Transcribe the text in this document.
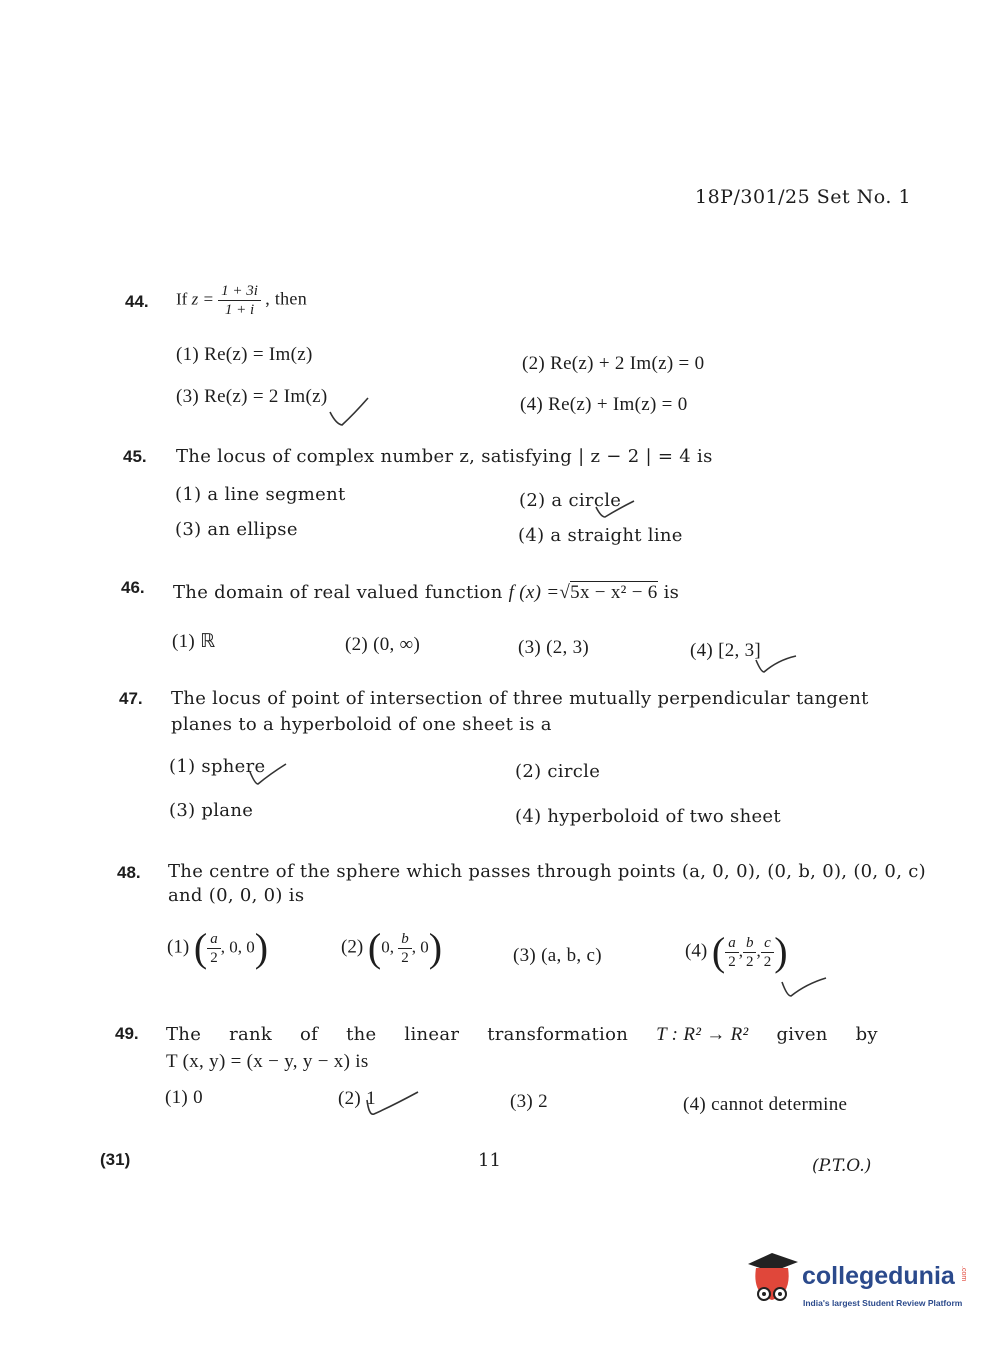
18P/301/25 Set No. 1
44. If $z = \frac{1 + 3i}{1 + i}$ , then
(1) Re(z) = Im(z)	(2) Re(z) + 2 Im(z) = 0
(3) Re(z) = 2 Im(z)	(4) Re(z) + Im(z) = 0
45. The locus of complex number z, satisfying | z − 2 | = 4 is
(1) a line segment	(2) a circle
(3) an ellipse	(4) a straight line
46. The domain of real valued function f (x) =√5x − x² − 6 is
(1) ℝ	(2) (0, ∞)	(3) (2, 3)	(4) [2, 3]
47. The locus of point of intersection of three mutually perpendicular tangent
planes to a hyperboloid of one sheet is a
(1) sphere	(2) circle
(3) plane	(4) hyperboloid of two sheet
48. The centre of the sphere which passes through points (a, 0, 0), (0, b, 0), (0, 0, c)
and (0, 0, 0) is
(1) ( $\frac{a}{2}$ , 0, 0)	(2) (0, $\frac{b}{2}$ , 0)	(3) (a, b, c)	(4) ( $\frac{a}{2}$ , $\frac{b}{2}$ , $\frac{c}{2}$ )
49. The rank of the linear transformation T : R² → R² given by
T (x, y) = (x − y, y − x) is
(1) 0	(2) 1	(3) 2	(4) cannot determine
(31)	11	(P.T.O.)
collegedunia .com
India's largest Student Review Platform
